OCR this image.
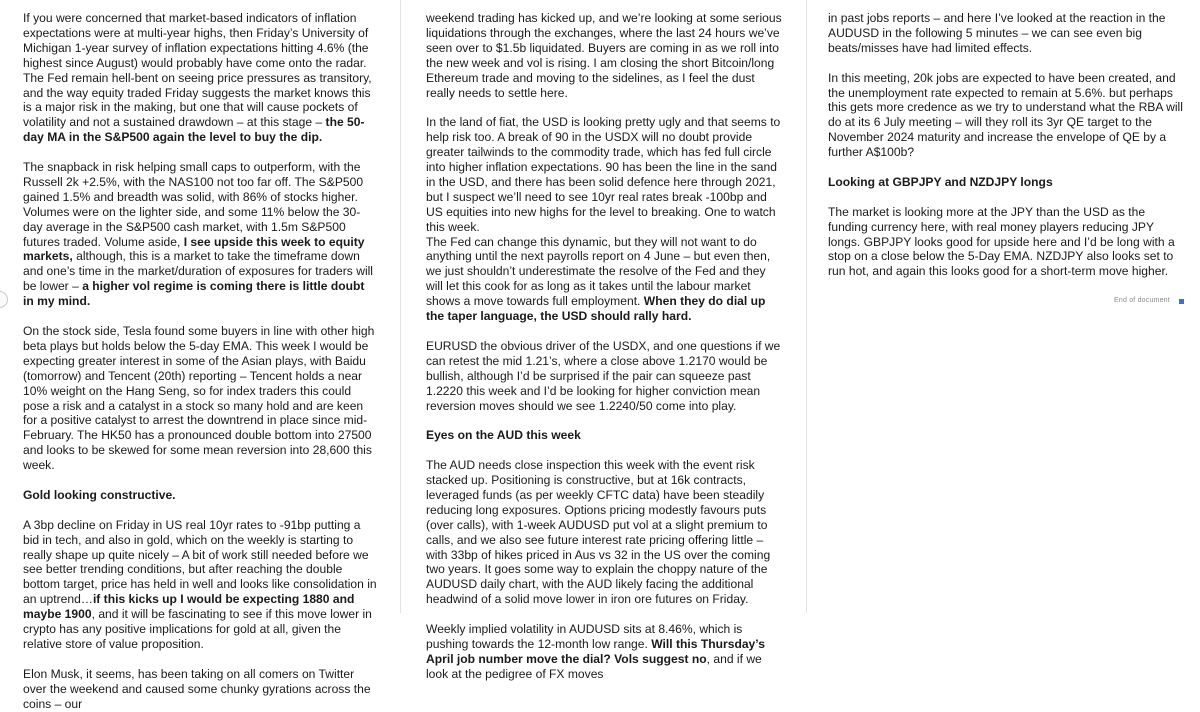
If you were concerned that market-based indicators of inflation expectations were at multi-year highs, then Friday’s University of Michigan 1-year survey of inflation expectations hitting 4.6% (the highest since August) would probably have come onto the radar. The Fed remain hell-bent on seeing price pressures as transitory, and the way equity traded Friday suggests the market knows this is a major risk in the making, but one that will cause pockets of volatility and not a sustained drawdown – at this stage – the 50-day MA in the S&P500 again the level to buy the dip.

The snapback in risk helping small caps to outperform, with the Russell 2k +2.5%, with the NAS100 not too far off. The S&P500 gained 1.5% and breadth was solid, with 86% of stocks higher. Volumes were on the lighter side, and some 11% below the 30-day average in the S&P500 cash market, with 1.5m S&P500 futures traded. Volume aside, I see upside this week to equity markets, although, this is a market to take the timeframe down and one’s time in the market/duration of exposures for traders will be lower – a higher vol regime is coming there is little doubt in my mind.

On the stock side, Tesla found some buyers in line with other high beta plays but holds below the 5-day EMA. This week I would be expecting greater interest in some of the Asian plays, with Baidu (tomorrow) and Tencent (20th) reporting – Tencent holds a near 10% weight on the Hang Seng, so for index traders this could pose a risk and a catalyst in a stock so many hold and are keen for a positive catalyst to arrest the downtrend in place since mid-February. The HK50 has a pronounced double bottom into 27500 and looks to be skewed for some mean reversion into 28,600 this week.

Gold looking constructive.

A 3bp decline on Friday in US real 10yr rates to -91bp putting a bid in tech, and also in gold, which on the weekly is starting to really shape up quite nicely – A bit of work still needed before we see better trending conditions, but after reaching the double bottom target, price has held in well and looks like consolidation in an uptrend…if this kicks up I would be expecting 1880 and maybe 1900, and it will be fascinating to see if this move lower in crypto has any positive implications for gold at all, given the relative store of value proposition.

Elon Musk, it seems, has been taking on all comers on Twitter over the weekend and caused some chunky gyrations across the coins – our

weekend trading has kicked up, and we’re looking at some serious liquidations through the exchanges, where the last 24 hours we’ve seen over to $1.5b liquidated. Buyers are coming in as we roll into the new week and vol is rising. I am closing the short Bitcoin/long Ethereum trade and moving to the sidelines, as I feel the dust really needs to settle here.

In the land of fiat, the USD is looking pretty ugly and that seems to help risk too. A break of 90 in the USDX will no doubt provide greater tailwinds to the commodity trade, which has fed full circle into higher inflation expectations. 90 has been the line in the sand in the USD, and there has been solid defence here through 2021, but I suspect we’ll need to see 10yr real rates break -100bp and US equities into new highs for the level to breaking. One to watch this week.

The Fed can change this dynamic, but they will not want to do anything until the next payrolls report on 4 June – but even then, we just shouldn’t underestimate the resolve of the Fed and they will let this cook for as long as it takes until the labour market shows a move towards full employment. When they do dial up the taper language, the USD should rally hard.

EURUSD the obvious driver of the USDX, and one questions if we can retest the mid 1.21’s, where a close above 1.2170 would be bullish, although I’d be surprised if the pair can squeeze past 1.2220 this week and I’d be looking for higher conviction mean reversion moves should we see 1.2240/50 come into play.

Eyes on the AUD this week

The AUD needs close inspection this week with the event risk stacked up. Positioning is constructive, but at 16k contracts, leveraged funds (as per weekly CFTC data) have been steadily reducing long exposures. Options pricing modestly favours puts (over calls), with 1-week AUDUSD put vol at a slight premium to calls, and we also see future interest rate pricing offering little – with 33bp of hikes priced in Aus vs 32 in the US over the coming two years. It goes some way to explain the choppy nature of the AUDUSD daily chart, with the AUD likely facing the additional headwind of a solid move lower in iron ore futures on Friday.

Weekly implied volatility in AUDUSD sits at 8.46%, which is pushing towards the 12-month low range. Will this Thursday’s April job number move the dial? Vols suggest no, and if we look at the pedigree of FX moves

in past jobs reports – and here I’ve looked at the reaction in the AUDUSD in the following 5 minutes – we can see even big beats/misses have had limited effects.

In this meeting, 20k jobs are expected to have been created, and the unemployment rate expected to remain at 5.6%. but perhaps this gets more credence as we try to understand what the RBA will do at its 6 July meeting – will they roll its 3yr QE target to the November 2024 maturity and increase the envelope of QE by a further A$100b?

Looking at GBPJPY and NZDJPY longs

The market is looking more at the JPY than the USD as the funding currency here, with real money players reducing JPY longs. GBPJPY looks good for upside here and I’d be long with a stop on a close below the 5-Day EMA. NZDJPY also looks set to run hot, and again this looks good for a short-term move higher.

End of document
